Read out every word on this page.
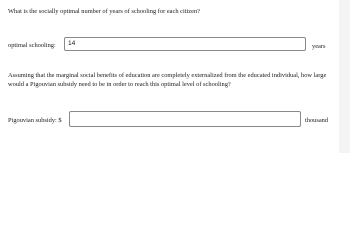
What is the socially optimal number of years of schooling for each citizen?
optimal schooling:	14	years
Assuming that the marginal social benefits of education are completely externalized from the educated individual, how large would a Pigouvian subsidy need to be in order to reach this optimal level of schooling?
Pigouvian subsidy: $	thousand
